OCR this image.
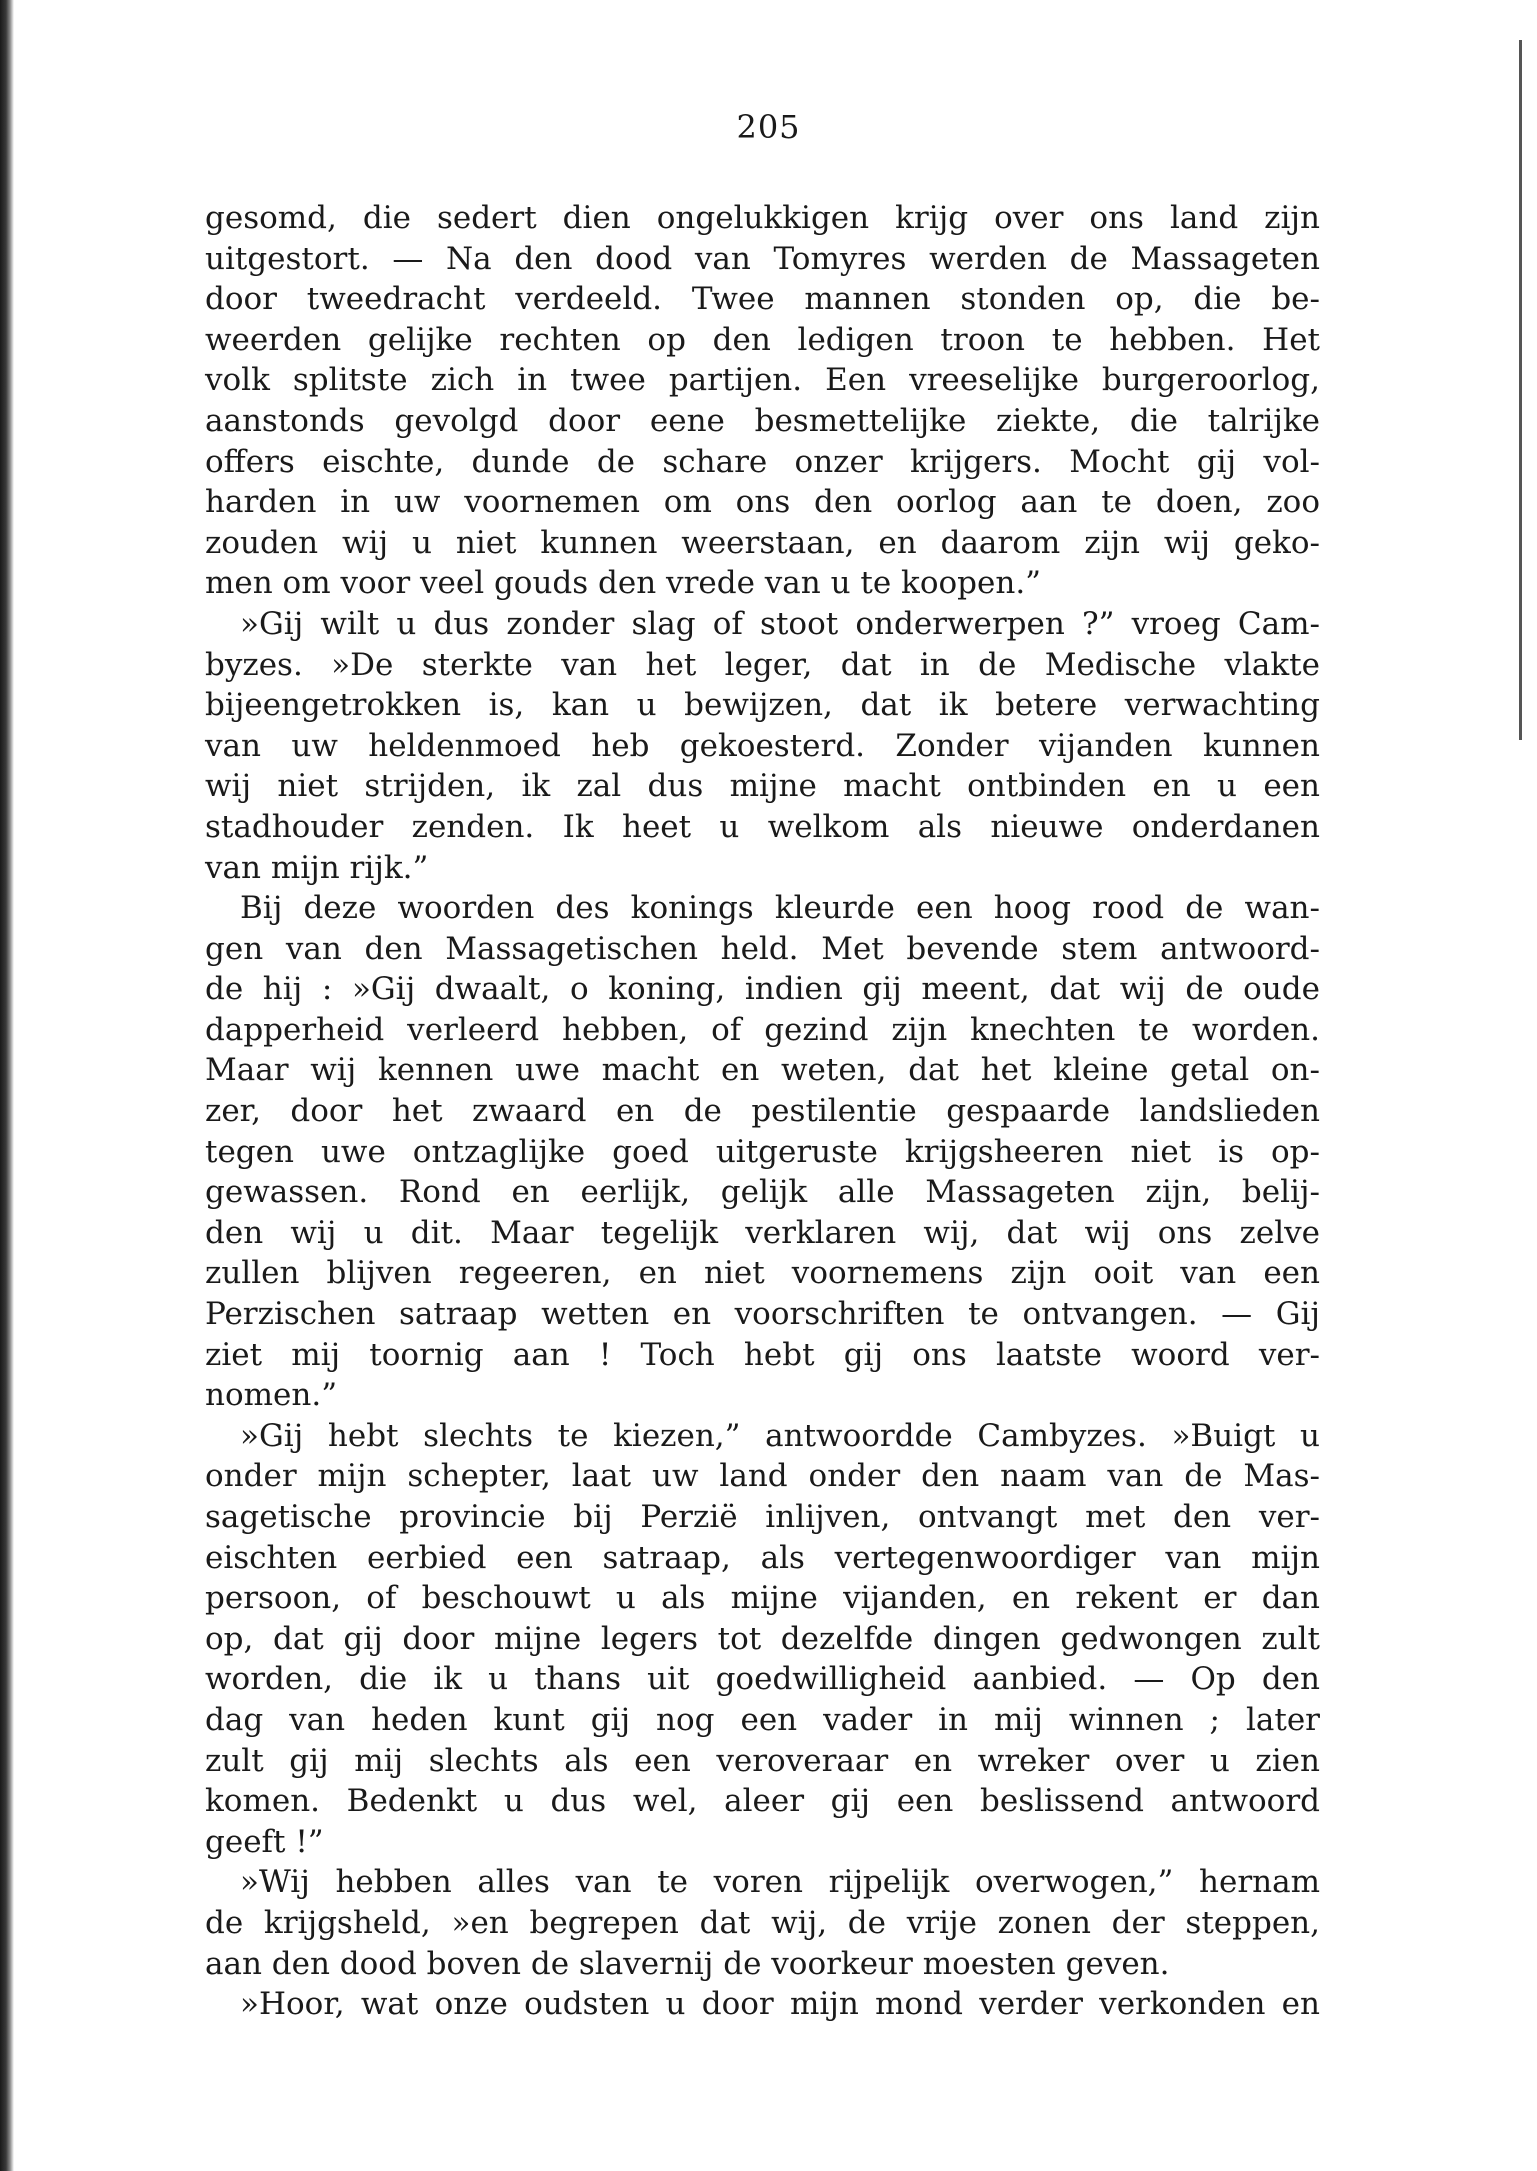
205
gesomd, die sedert dien ongelukkigen krijg over ons land zijn
uitgestort. — Na den dood van Tomyres werden de Massageten
door tweedracht verdeeld. Twee mannen stonden op, die be-
weerden gelijke rechten op den ledigen troon te hebben. Het
volk splitste zich in twee partijen. Een vreeselijke burgeroorlog,
aanstonds gevolgd door eene besmettelijke ziekte, die talrijke
offers eischte, dunde de schare onzer krijgers. Mocht gij vol-
harden in uw voornemen om ons den oorlog aan te doen, zoo
zouden wij u niet kunnen weerstaan, en daarom zijn wij geko-
men om voor veel gouds den vrede van u te koopen.”
»Gij wilt u dus zonder slag of stoot onderwerpen ?” vroeg Cam-
byzes. »De sterkte van het leger, dat in de Medische vlakte
bijeengetrokken is, kan u bewijzen, dat ik betere verwachting
van uw heldenmoed heb gekoesterd. Zonder vijanden kunnen
wij niet strijden, ik zal dus mijne macht ontbinden en u een
stadhouder zenden. Ik heet u welkom als nieuwe onderdanen
van mijn rijk.”
Bij deze woorden des konings kleurde een hoog rood de wan-
gen van den Massagetischen held. Met bevende stem antwoord-
de hij : »Gij dwaalt, o koning, indien gij meent, dat wij de oude
dapperheid verleerd hebben, of gezind zijn knechten te worden.
Maar wij kennen uwe macht en weten, dat het kleine getal on-
zer, door het zwaard en de pestilentie gespaarde landslieden
tegen uwe ontzaglijke goed uitgeruste krijgsheeren niet is op-
gewassen. Rond en eerlijk, gelijk alle Massageten zijn, belij-
den wij u dit. Maar tegelijk verklaren wij, dat wij ons zelve
zullen blijven regeeren, en niet voornemens zijn ooit van een
Perzischen satraap wetten en voorschriften te ontvangen. — Gij
ziet mij toornig aan ! Toch hebt gij ons laatste woord ver-
nomen.”
»Gij hebt slechts te kiezen,” antwoordde Cambyzes. »Buigt u
onder mijn schepter, laat uw land onder den naam van de Mas-
sagetische provincie bij Perzië inlijven, ontvangt met den ver-
eischten eerbied een satraap, als vertegenwoordiger van mijn
persoon, of beschouwt u als mijne vijanden, en rekent er dan
op, dat gij door mijne legers tot dezelfde dingen gedwongen zult
worden, die ik u thans uit goedwilligheid aanbied. — Op den
dag van heden kunt gij nog een vader in mij winnen ; later
zult gij mij slechts als een veroveraar en wreker over u zien
komen. Bedenkt u dus wel, aleer gij een beslissend antwoord
geeft !”
»Wij hebben alles van te voren rijpelijk overwogen,” hernam
de krijgsheld, »en begrepen dat wij, de vrije zonen der steppen,
aan den dood boven de slavernij de voorkeur moesten geven.
»Hoor, wat onze oudsten u door mijn mond verder verkonden en
